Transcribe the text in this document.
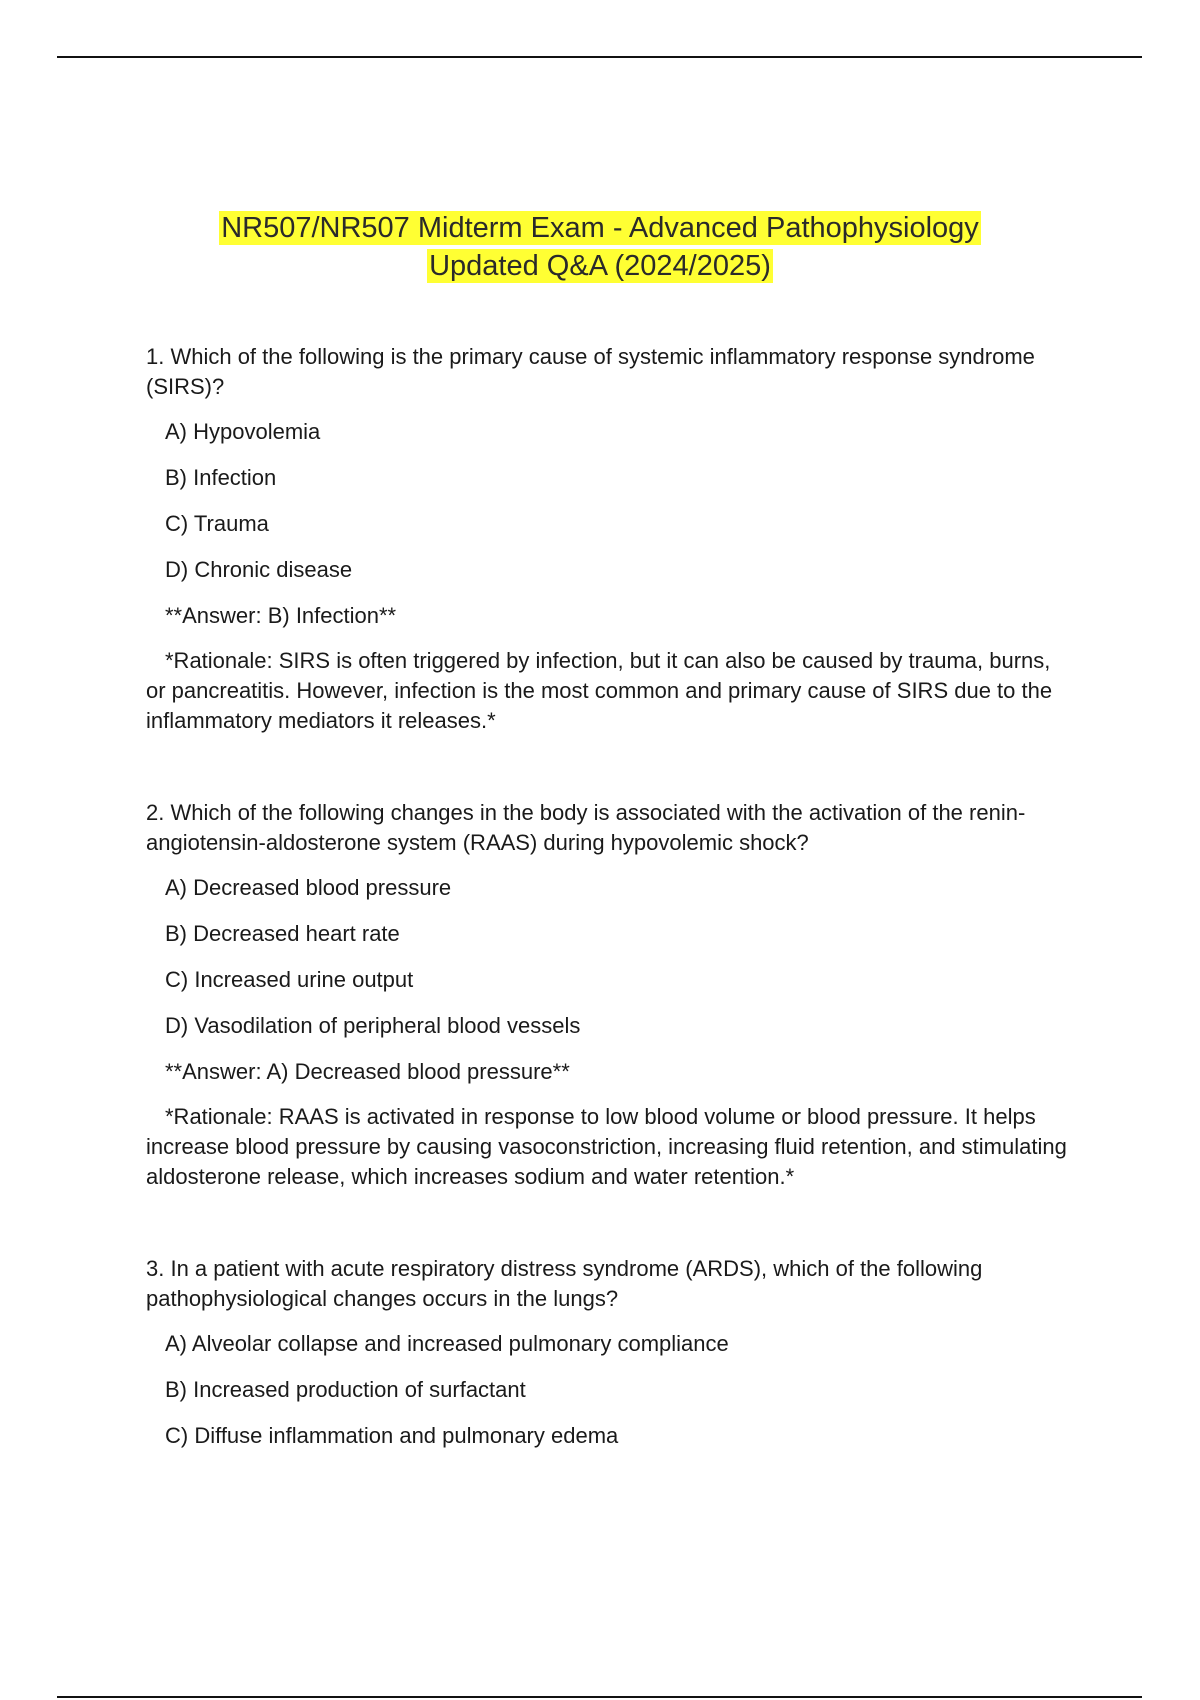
NR507/NR507 Midterm Exam - Advanced Pathophysiology
Updated Q&A (2024/2025)

1. Which of the following is the primary cause of systemic inflammatory response syndrome (SIRS)?

A) Hypovolemia
B) Infection
C) Trauma
D) Chronic disease
**Answer: B) Infection**
*Rationale: SIRS is often triggered by infection, but it can also be caused by trauma, burns, or pancreatitis. However, infection is the most common and primary cause of SIRS due to the inflammatory mediators it releases.*

2. Which of the following changes in the body is associated with the activation of the renin-angiotensin-aldosterone system (RAAS) during hypovolemic shock?

A) Decreased blood pressure
B) Decreased heart rate
C) Increased urine output
D) Vasodilation of peripheral blood vessels
**Answer: A) Decreased blood pressure**
*Rationale: RAAS is activated in response to low blood volume or blood pressure. It helps increase blood pressure by causing vasoconstriction, increasing fluid retention, and stimulating aldosterone release, which increases sodium and water retention.*

3. In a patient with acute respiratory distress syndrome (ARDS), which of the following pathophysiological changes occurs in the lungs?

A) Alveolar collapse and increased pulmonary compliance
B) Increased production of surfactant
C) Diffuse inflammation and pulmonary edema
